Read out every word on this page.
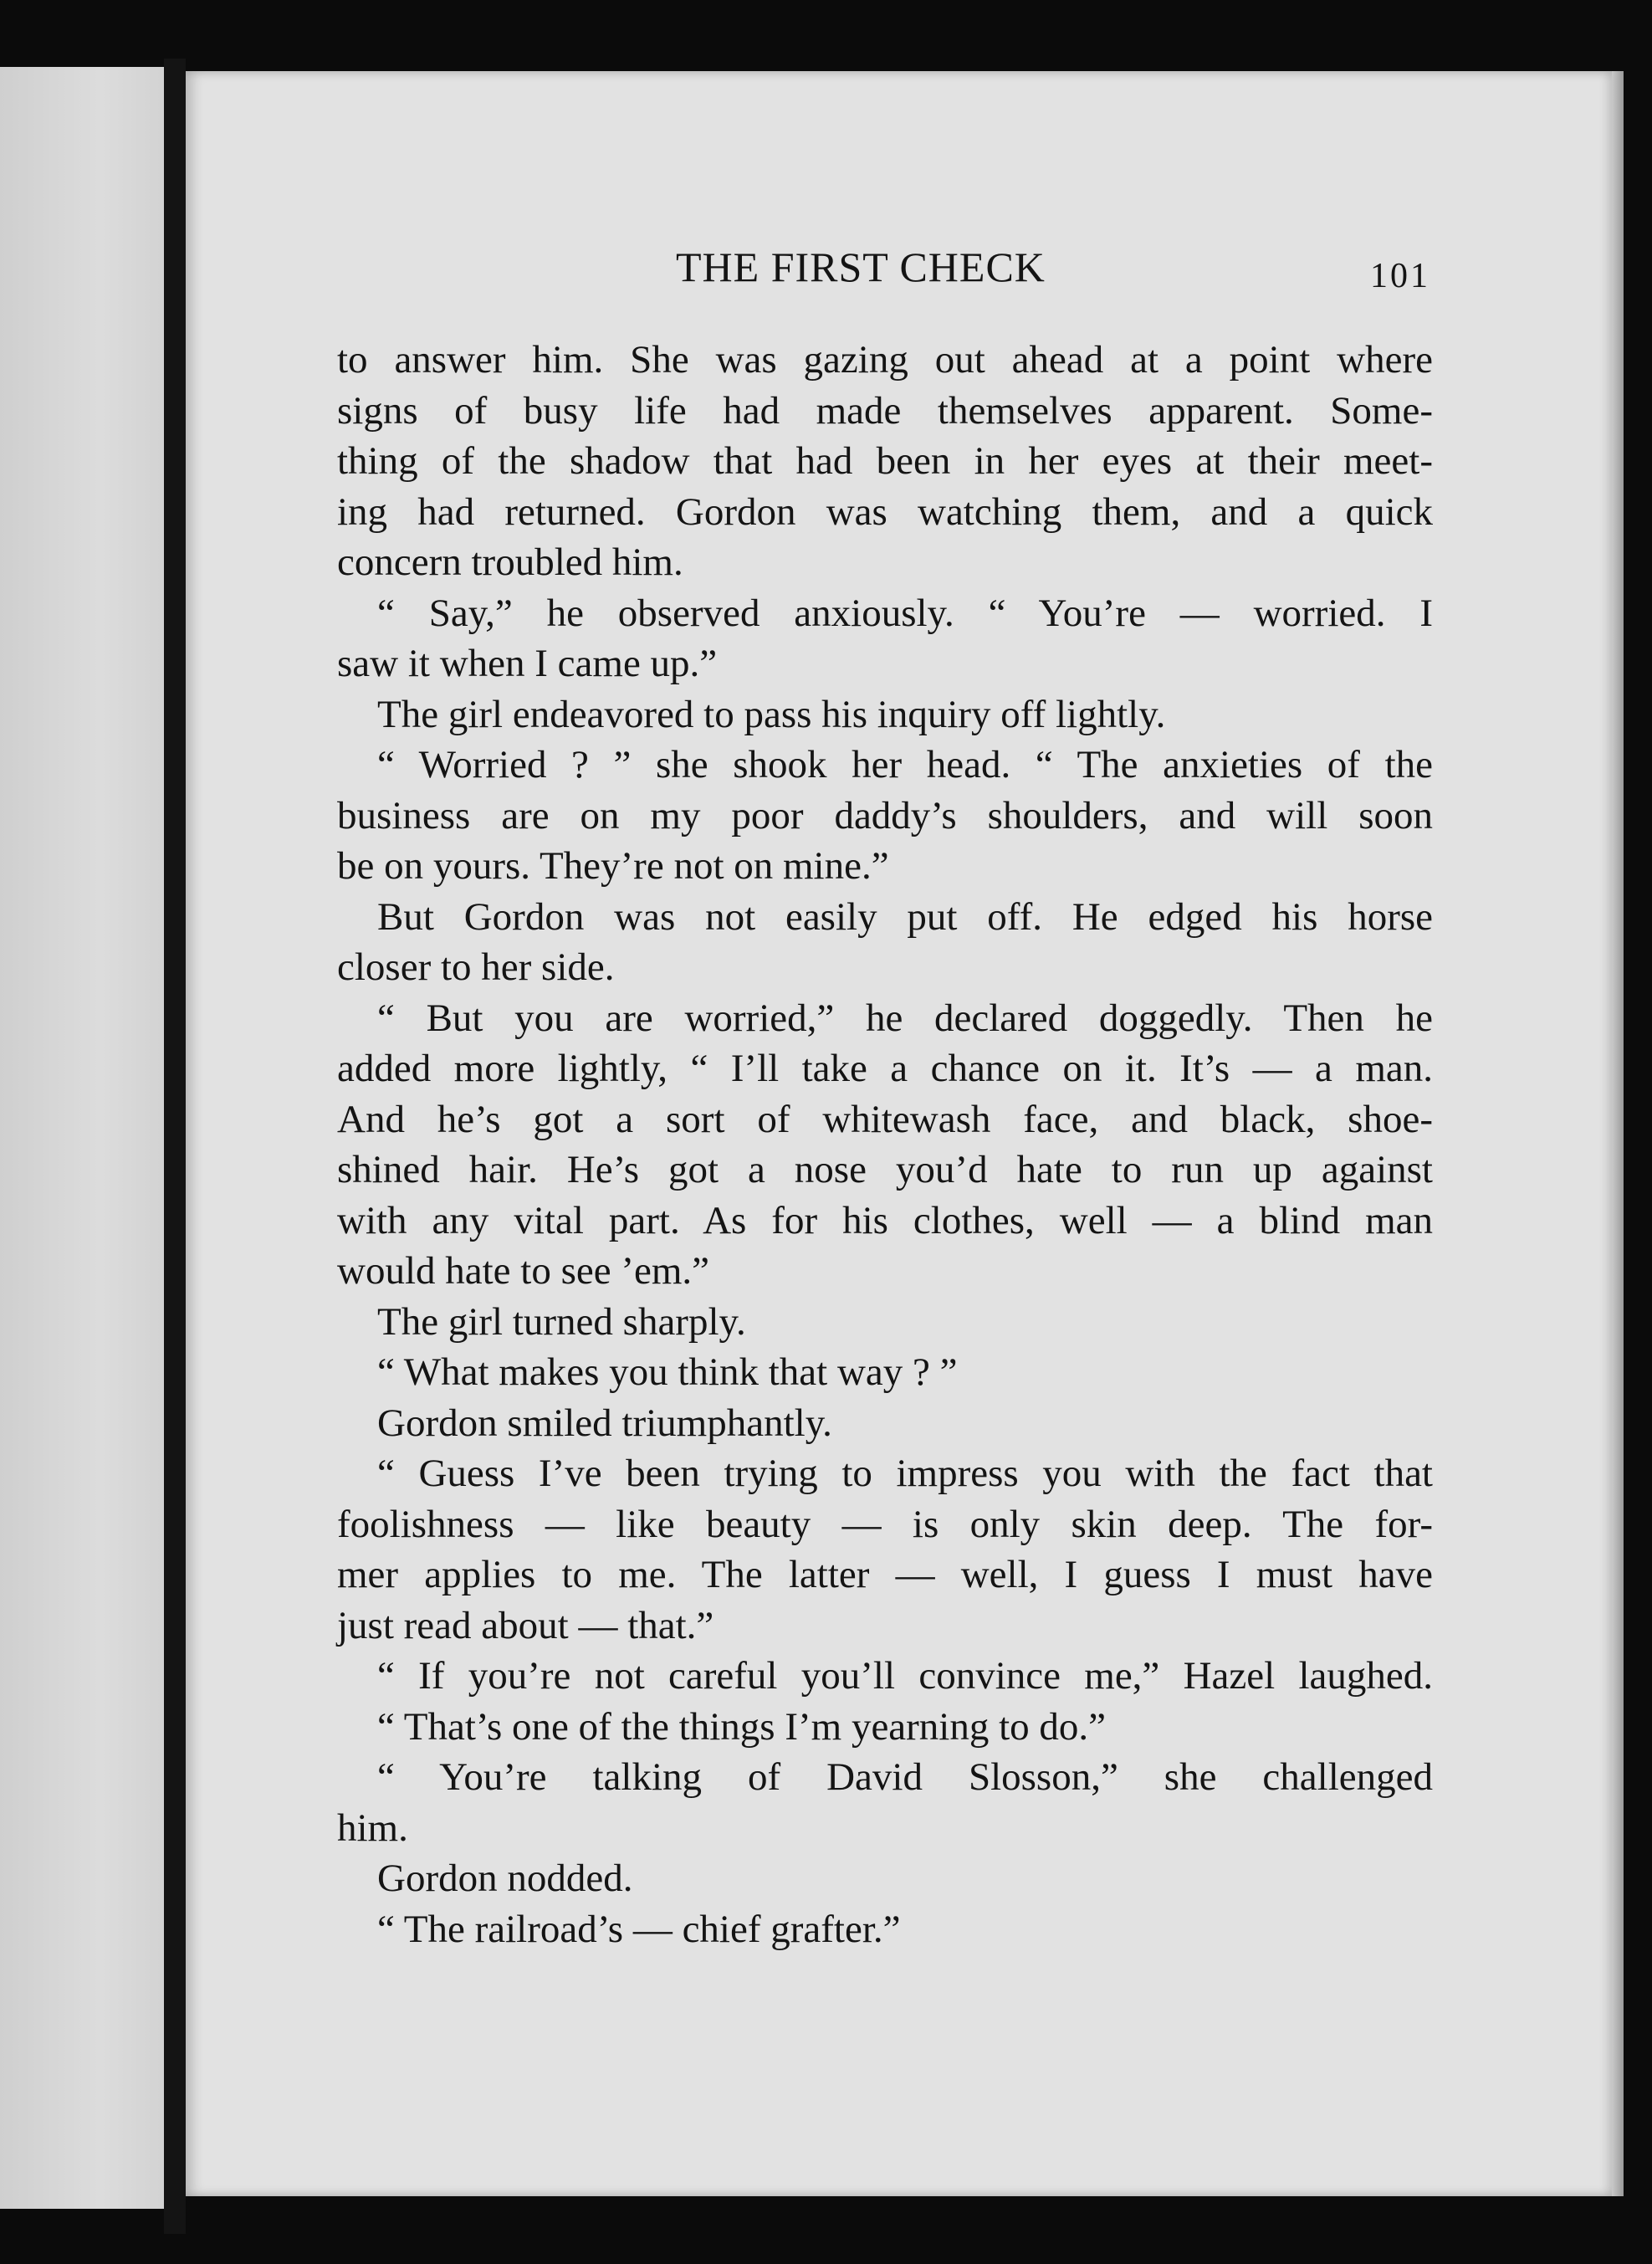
THE FIRST CHECK	101
to answer him. She was gazing out ahead at a point where
signs of busy life had made themselves apparent. Some-
thing of the shadow that had been in her eyes at their meet-
ing had returned. Gordon was watching them, and a quick
concern troubled him.
“ Say,” he observed anxiously. “ You’re — worried. I
saw it when I came up.”
The girl endeavored to pass his inquiry off lightly.
“ Worried ? ” she shook her head. “ The anxieties of the
business are on my poor daddy’s shoulders, and will soon
be on yours. They’re not on mine.”
But Gordon was not easily put off. He edged his horse
closer to her side.
“ But you are worried,” he declared doggedly. Then he
added more lightly, “ I’ll take a chance on it. It’s — a man.
And he’s got a sort of whitewash face, and black, shoe-
shined hair. He’s got a nose you’d hate to run up against
with any vital part. As for his clothes, well — a blind man
would hate to see ’em.”
The girl turned sharply.
“ What makes you think that way ? ”
Gordon smiled triumphantly.
“ Guess I’ve been trying to impress you with the fact that
foolishness — like beauty — is only skin deep. The for-
mer applies to me. The latter — well, I guess I must have
just read about — that.”
“ If you’re not careful you’ll convince me,” Hazel laughed.
“ That’s one of the things I’m yearning to do.”
“ You’re talking of David Slosson,” she challenged
him.
Gordon nodded.
“ The railroad’s — chief grafter.”
